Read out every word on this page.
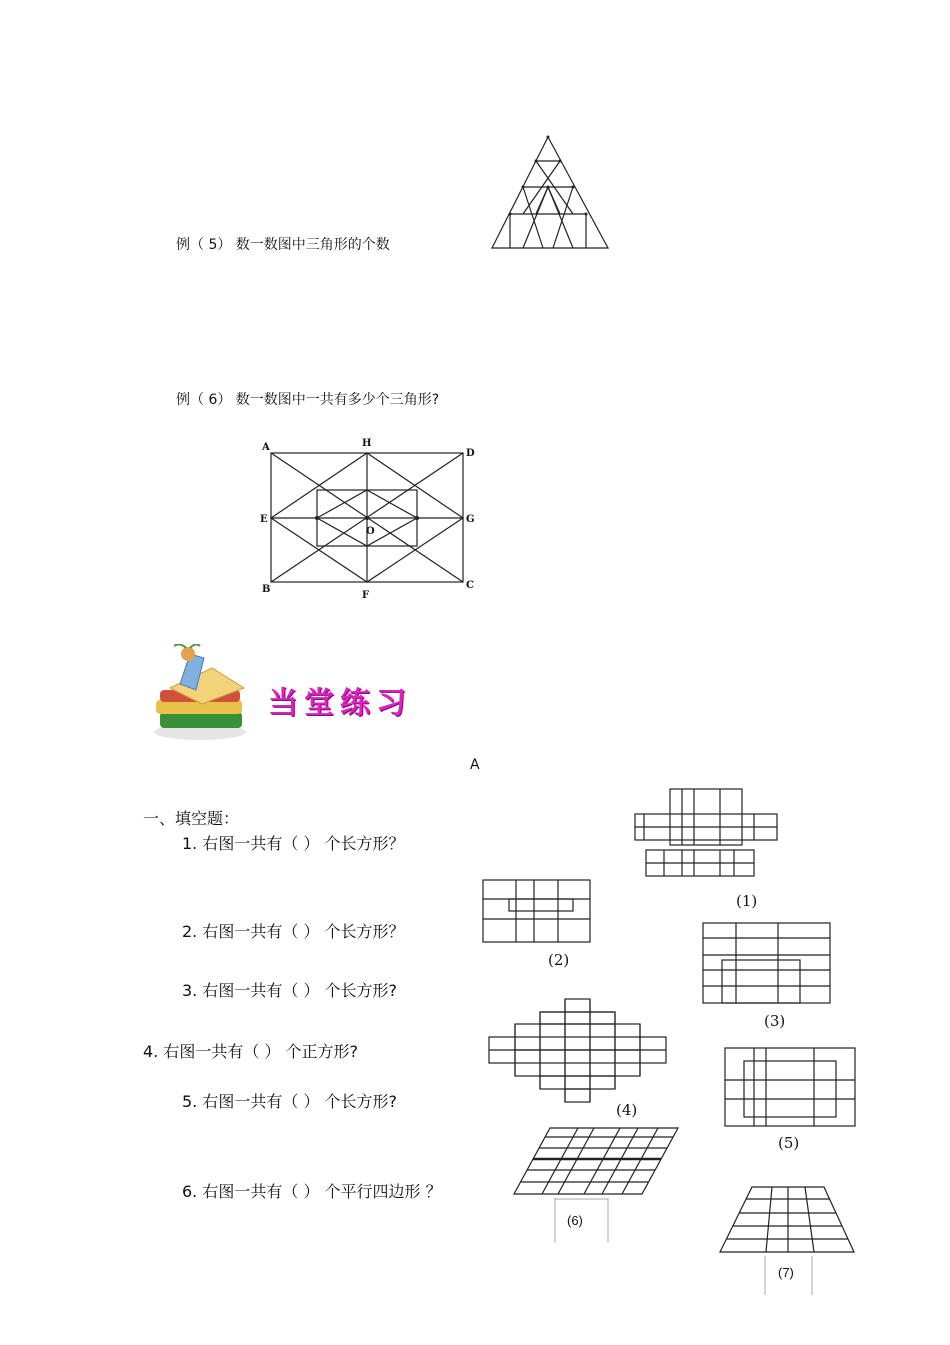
例（ 5） 数一数图中三角形的个数
例（ 6） 数一数图中一共有多少个三角形?
A	H
D
E	G
O
B
F
C
当堂练习
A
一、填空题：
1. 右图一共有（ ） 个长方形？
2. 右图一共有（ ） 个长方形？
3. 右图一共有（ ） 个长方形?
4. 右图一共有（ ） 个正方形?
5. 右图一共有（ ） 个长方形?
6. 右图一共有（ ） 个平行四边形 ？
(1)
(2)
(3)
(4)
(5)
(6)
(7)
